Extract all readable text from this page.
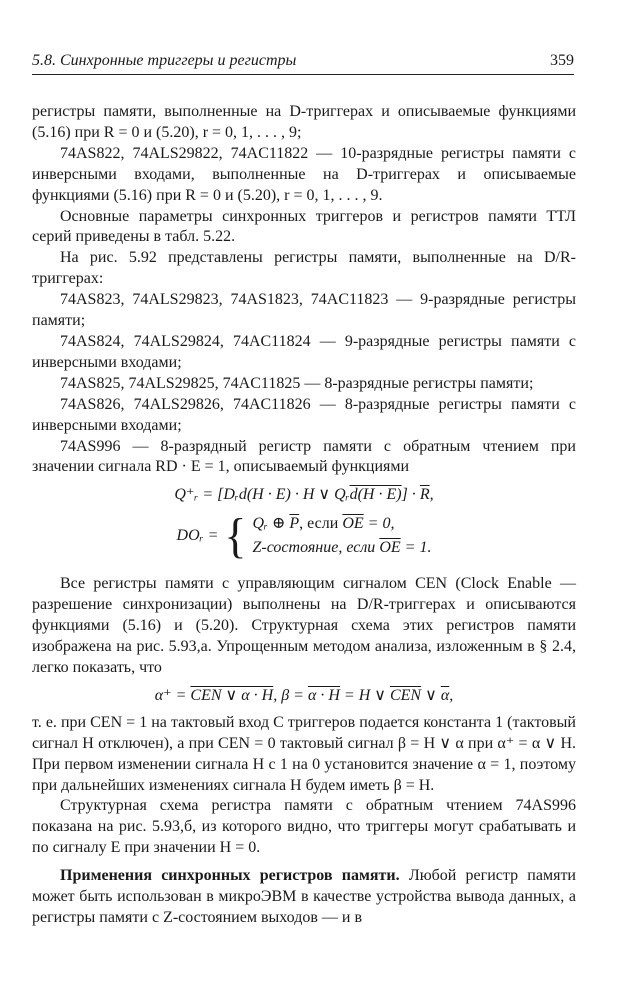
5.8. Синхронные триггеры и регистры	359

регистры памяти, выполненные на D-триггерах и описываемые функциями (5.16) при R = 0 и (5.20), r = 0, 1, . . . , 9;

74AS822, 74ALS29822, 74AC11822 — 10-разрядные регистры памяти с инверсными входами, выполненные на D-триггерах и описываемые функциями (5.16) при R = 0 и (5.20), r = 0, 1, . . . , 9.

Основные параметры синхронных триггеров и регистров памяти ТТЛ серий приведены в табл. 5.22.

На рис. 5.92 представлены регистры памяти, выполненные на D/R-триггерах:

74AS823, 74ALS29823, 74AS1823, 74AC11823 — 9-разрядные регистры памяти;

74AS824, 74ALS29824, 74AC11824 — 9-разрядные регистры памяти с инверсными входами;

74AS825, 74ALS29825, 74AC11825 — 8-разрядные регистры памяти;

74AS826, 74ALS29826, 74AC11826 — 8-разрядные регистры памяти с инверсными входами;

74AS996 — 8-разрядный регистр памяти с обратным чтением при значении сигнала RD · E = 1, описываемый функциями

Q⁺ᵣ = [Dᵣd(H · E) · H ∨ Qᵣd(H · $E)] \cdot \overline{R}$,
DOᵣ = { Qᵣ ⊕ $\overline{P}$, если $\overline{OE} = 0$,
Z-состояние, если $\overline{OE} = 1$.

Все регистры памяти с управляющим сигналом CEN (Clock Enable — разрешение синхронизации) выполнены на D/R-триггерах и описываются функциями (5.16) и (5.20). Структурная схема этих регистров памяти изображена на рис. 5.93,а. Упрощенным методом анализа, изложенным в § 2.4, легко показать, что

α⁺ = CEN ∨ α · H, β = α · H = H ∨ $\overline{CEN}$ ∨ $\overline{\alpha}$,

т. е. при CEN = 1 на тактовый вход C триггеров подается константа 1 (тактовый сигнал H отключен), а при CEN = 0 тактовый сигнал β = H ∨ α при α⁺ = α ∨ H. При первом изменении сигнала H с 1 на 0 установится значение α = 1, поэтому при дальнейших изменениях сигнала H будем иметь β = H.

Структурная схема регистра памяти с обратным чтением 74AS996 показана на рис. 5.93,б, из которого видно, что триггеры могут срабатывать и по сигналу E при значении H = 0.

Применения синхронных регистров памяти. Любой регистр памяти может быть использован в микроЭВМ в качестве устройства вывода данных, а регистры памяти с Z-состоянием выходов — и в
